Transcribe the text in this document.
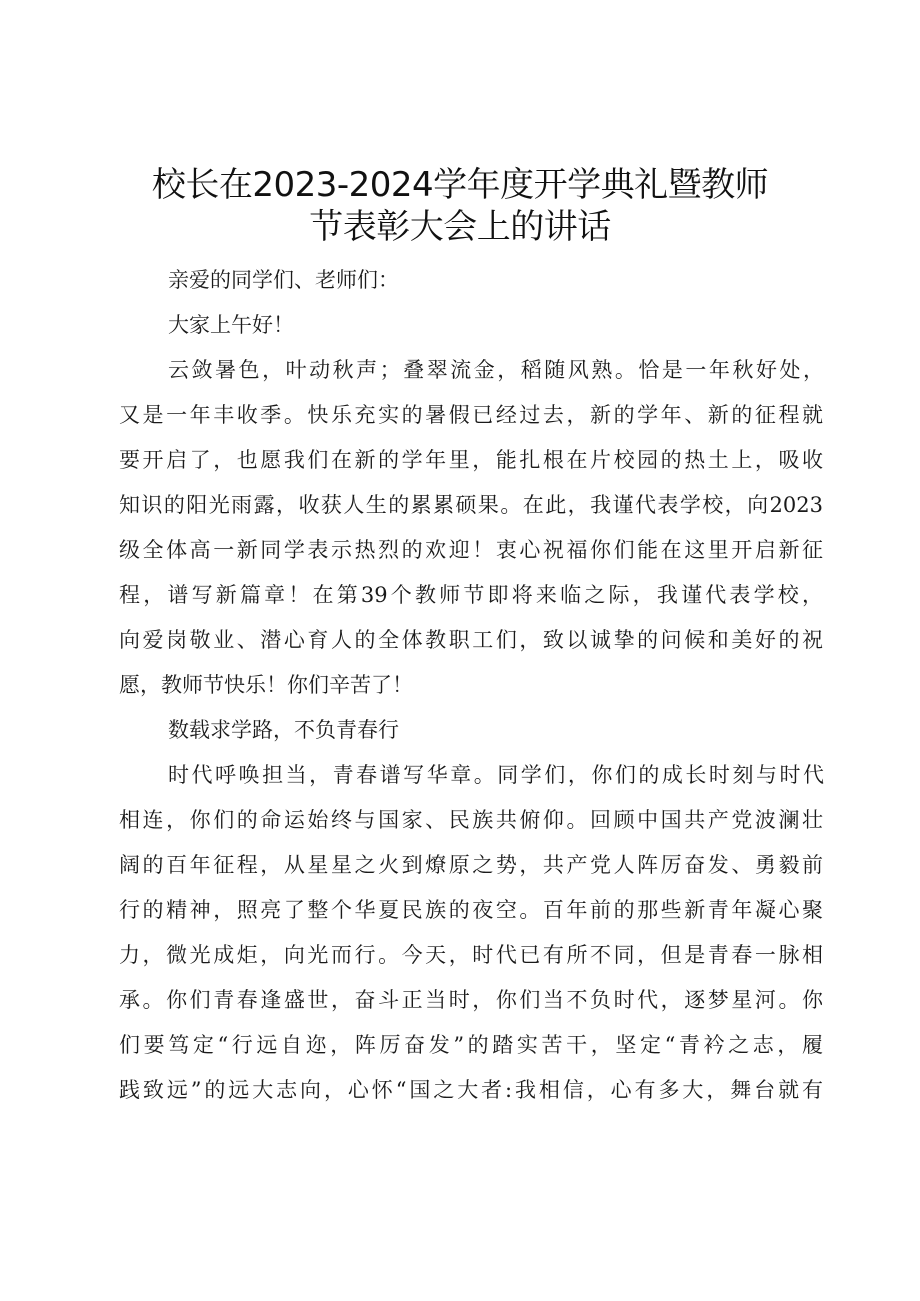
校长在2023-2024学年度开学典礼暨教师
节表彰大会上的讲话
亲爱的同学们、老师们：
大家上午好！
云敛暑色，叶动秋声；叠翠流金，稻随风熟。恰是一年秋好处，
又是一年丰收季。快乐充实的暑假已经过去，新的学年、新的征程就
要开启了，也愿我们在新的学年里，能扎根在片校园的热土上，吸收
知识的阳光雨露，收获人生的累累硕果。在此，我谨代表学校，向2023
级全体高一新同学表示热烈的欢迎！衷心祝福你们能在这里开启新征
程，谱写新篇章！在第39个教师节即将来临之际，我谨代表学校，
向爱岗敬业、潜心育人的全体教职工们，致以诚挚的问候和美好的祝
愿，教师节快乐！你们辛苦了！
数载求学路，不负青春行
时代呼唤担当，青春谱写华章。同学们，你们的成长时刻与时代
相连，你们的命运始终与国家、民族共俯仰。回顾中国共产党波澜壮
阔的百年征程，从星星之火到燎原之势，共产党人阵厉奋发、勇毅前
行的精神，照亮了整个华夏民族的夜空。百年前的那些新青年凝心聚
力，微光成炬，向光而行。今天，时代已有所不同，但是青春一脉相
承。你们青春逢盛世，奋斗正当时，你们当不负时代，逐梦星河。你
们要笃定“行远自迩，阵厉奋发”的踏实苦干，坚定“青衿之志，履
践致远”的远大志向，心怀“国之大者:我相信，心有多大，舞台就有
